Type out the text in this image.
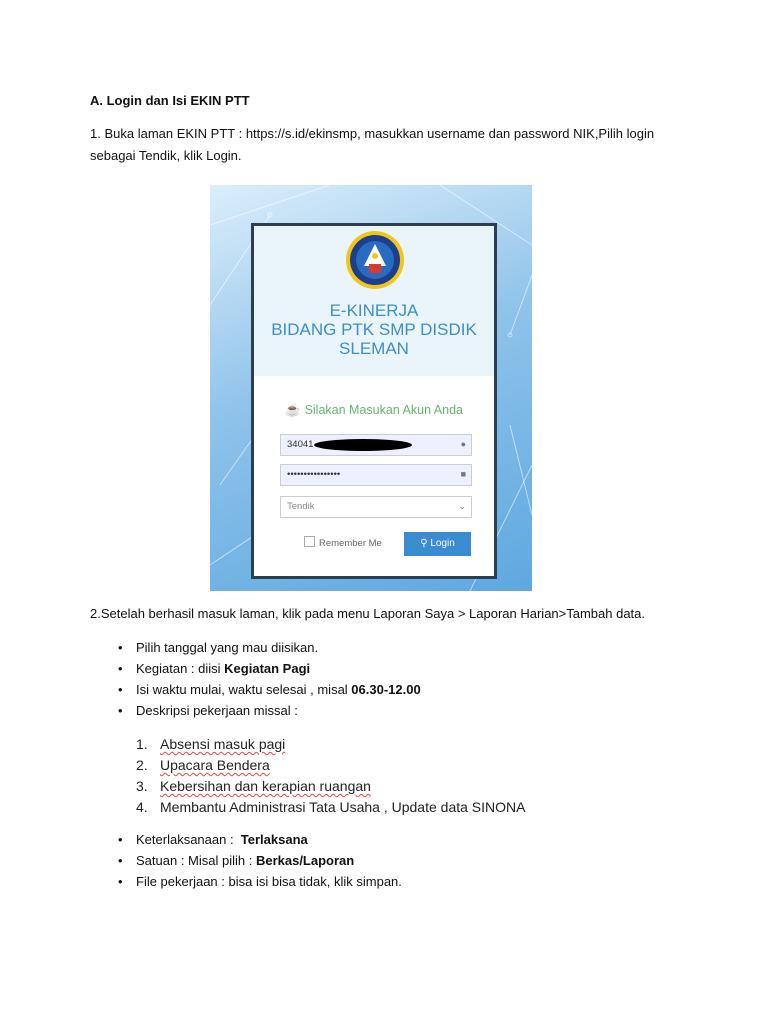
A. Login dan Isi EKIN PTT
1. Buka laman EKIN PTT : https://s.id/ekinsmp, masukkan username dan password NIK,Pilih login sebagai Tendik, klik Login.
E-KINERJA
BIDANG PTK SMP DISDIK
SLEMAN
☕ Silakan Masukan Akun Anda
34041	●
••••••••••••••••	■
Tendik	⌄
Remember Me	⚲ Login
2.Setelah berhasil masuk laman, klik pada menu Laporan Saya > Laporan Harian>Tambah data.
• Pilih tanggal yang mau diisikan.
• Kegiatan : diisi Kegiatan Pagi
• Isi waktu mulai, waktu selesai , misal 06.30-12.00
• Deskripsi pekerjaan missal :
1. Absensi masuk pagi
2. Upacara Bendera
3. Kebersihan dan kerapian ruangan
4. Membantu Administrasi Tata Usaha , Update data SINONA
• Keterlaksanaan :  Terlaksana
• Satuan : Misal pilih : Berkas/Laporan
• File pekerjaan : bisa isi bisa tidak, klik simpan.
